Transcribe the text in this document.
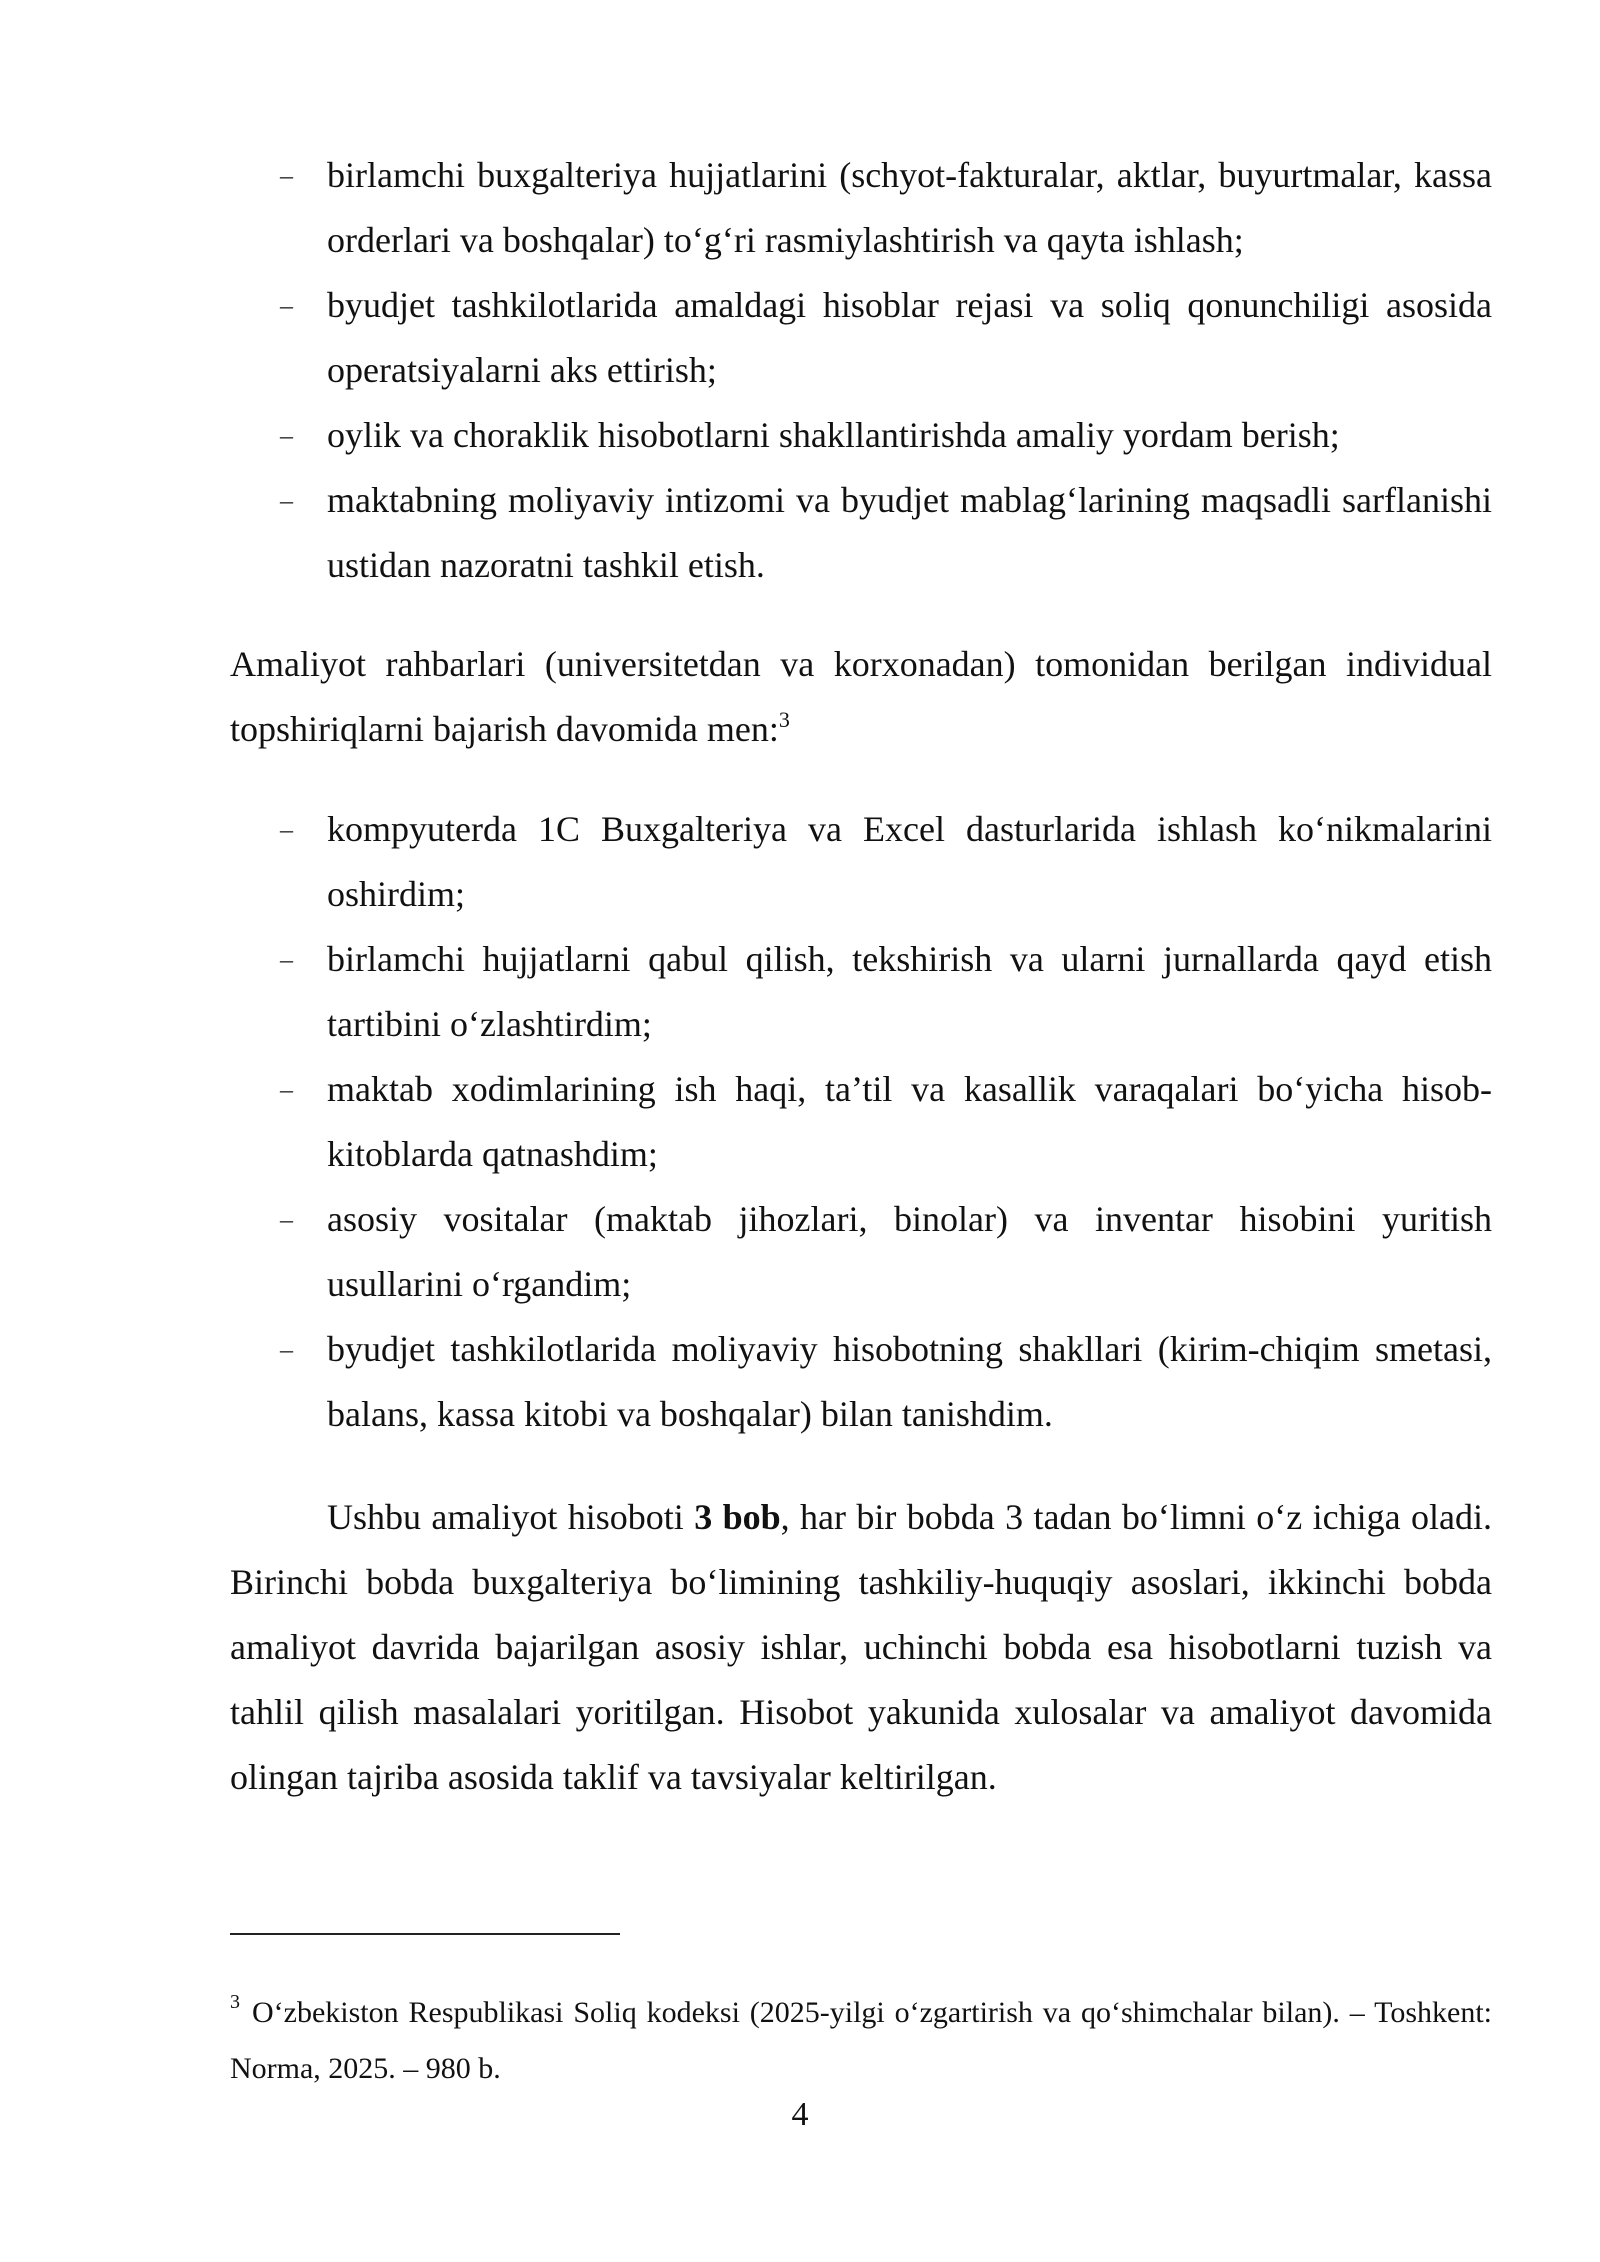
– birlamchi buxgalteriya hujjatlarini (schyot-fakturalar, aktlar, buyurtmalar, kassa orderlari va boshqalar) to‘g‘ri rasmiylashtirish va qayta ishlash;
– byudjet tashkilotlarida amaldagi hisoblar rejasi va soliq qonunchiligi asosida operatsiyalarni aks ettirish;
– oylik va choraklik hisobotlarni shakllantirishda amaliy yordam berish;
– maktabning moliyaviy intizomi va byudjet mablag‘larining maqsadli sarflanishi ustidan nazoratni tashkil etish.

Amaliyot rahbarlari (universitetdan va korxonadan) tomonidan berilgan individual topshiriqlarni bajarish davomida men:$^3$

– kompyuterda 1C Buxgalteriya va Excel dasturlarida ishlash ko‘nikmalarini oshirdim;
– birlamchi hujjatlarni qabul qilish, tekshirish va ularni jurnallarda qayd etish tartibini o‘zlashtirdim;
– maktab xodimlarining ish haqi, ta’til va kasallik varaqalari bo‘yicha hisob-kitoblarda qatnashdim;
– asosiy vositalar (maktab jihozlari, binolar) va inventar hisobini yuritish usullarini o‘rgandim;
– byudjet tashkilotlarida moliyaviy hisobotning shakllari (kirim-chiqim smetasi, balans, kassa kitobi va boshqalar) bilan tanishdim.

Ushbu amaliyot hisoboti 3 bob, har bir bobda 3 tadan bo‘limni o‘z ichiga oladi. Birinchi bobda buxgalteriya bo‘limining tashkiliy-huquqiy asoslari, ikkinchi bobda amaliyot davrida bajarilgan asosiy ishlar, uchinchi bobda esa hisobotlarni tuzish va tahlil qilish masalalari yoritilgan. Hisobot yakunida xulosalar va amaliyot davomida olingan tajriba asosida taklif va tavsiyalar keltirilgan.

$^3$ O‘zbekiston Respublikasi Soliq kodeksi (2025-yilgi o‘zgartirish va qo‘shimchalar bilan). – Toshkent: Norma, 2025. – 980 b.
4
